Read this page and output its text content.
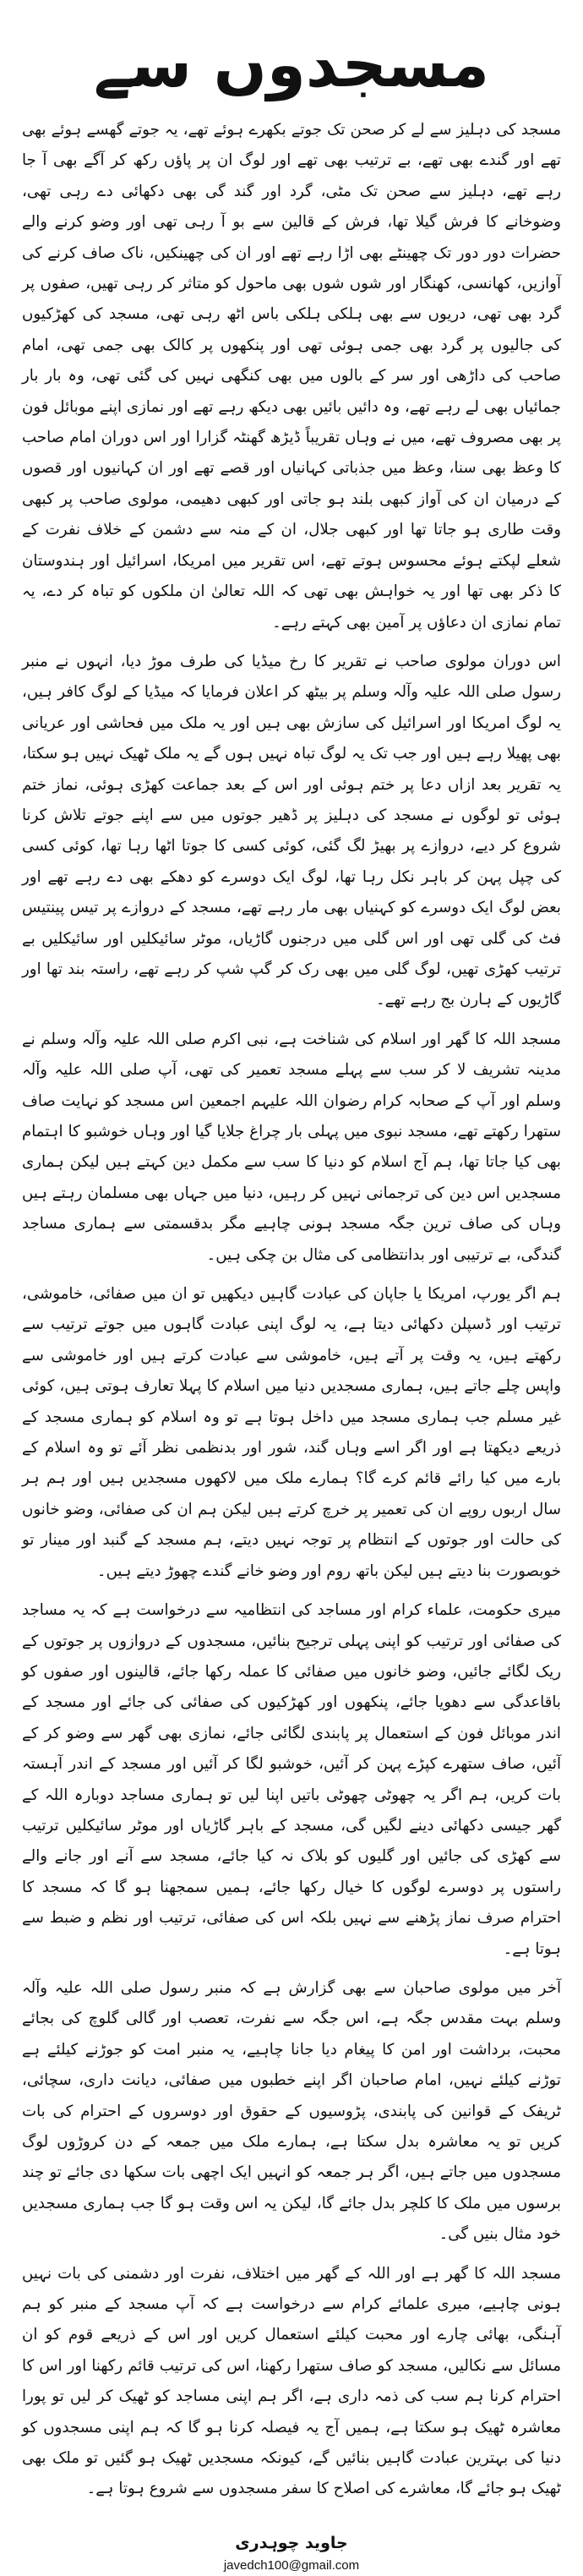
مسجدوں سے

مسجد کی دہلیز سے لے کر صحن تک جوتے بکھرے ہوئے تھے، یہ جوتے گھسے ہوئے بھی تھے اور گندے بھی تھے، بے ترتیب بھی تھے اور لوگ ان پر پاؤں رکھ کر آگے بھی آ جا رہے تھے، دہلیز سے صحن تک مٹی، گرد اور گند گی بھی دکھائی دے رہی تھی، وضوخانے کا فرش گیلا تھا، فرش کے قالین سے بو آ رہی تھی اور وضو کرنے والے حضرات دور دور تک چھینٹے بھی اڑا رہے تھے اور ان کی چھینکیں، ناک صاف کرنے کی آوازیں، کھانسی، کھنگار اور شوں شوں بھی ماحول کو متاثر کر رہی تھیں، صفوں پر گرد بھی تھی، دریوں سے بھی ہلکی ہلکی باس اٹھ رہی تھی، مسجد کی کھڑکیوں کی جالیوں پر گرد بھی جمی ہوئی تھی اور پنکھوں پر کالک بھی جمی تھی، امام صاحب کی داڑھی اور سر کے بالوں میں بھی کنگھی نہیں کی گئی تھی، وہ بار بار جمائیاں بھی لے رہے تھے، وہ دائیں بائیں بھی دیکھ رہے تھے اور نمازی اپنے موبائل فون پر بھی مصروف تھے، میں نے وہاں تقریباً ڈیڑھ گھنٹہ گزارا اور اس دوران امام صاحب کا وعظ بھی سنا، وعظ میں جذباتی کہانیاں اور قصے تھے اور ان کہانیوں اور قصوں کے درمیان ان کی آواز کبھی بلند ہو جاتی اور کبھی دھیمی، مولوی صاحب پر کبھی وقت طاری ہو جاتا تھا اور کبھی جلال، ان کے منہ سے دشمن کے خلاف نفرت کے شعلے لپکتے ہوئے محسوس ہوتے تھے، اس تقریر میں امریکا، اسرائیل اور ہندوستان کا ذکر بھی تھا اور یہ خواہش بھی تھی کہ اللہ تعالیٰ ان ملکوں کو تباہ کر دے، یہ تمام نمازی ان دعاؤں پر آمین بھی کہتے رہے۔

اس دوران مولوی صاحب نے تقریر کا رخ میڈیا کی طرف موڑ دیا، انہوں نے منبر رسول صلی اللہ علیہ وآلہ وسلم پر بیٹھ کر اعلان فرمایا کہ میڈیا کے لوگ کافر ہیں، یہ لوگ امریکا اور اسرائیل کی سازش بھی ہیں اور یہ ملک میں فحاشی اور عریانی بھی پھیلا رہے ہیں اور جب تک یہ لوگ تباہ نہیں ہوں گے یہ ملک ٹھیک نہیں ہو سکتا، یہ تقریر بعد ازاں دعا پر ختم ہوئی اور اس کے بعد جماعت کھڑی ہوئی، نماز ختم ہوئی تو لوگوں نے مسجد کی دہلیز پر ڈھیر جوتوں میں سے اپنے جوتے تلاش کرنا شروع کر دیے، دروازے پر بھیڑ لگ گئی، کوئی کسی کا جوتا اٹھا رہا تھا، کوئی کسی کی چپل پہن کر باہر نکل رہا تھا، لوگ ایک دوسرے کو دھکے بھی دے رہے تھے اور بعض لوگ ایک دوسرے کو کہنیاں بھی مار رہے تھے، مسجد کے دروازے پر تیس پینتیس فٹ کی گلی تھی اور اس گلی میں درجنوں گاڑیاں، موٹر سائیکلیں اور سائیکلیں بے ترتیب کھڑی تھیں، لوگ گلی میں بھی رک کر گپ شپ کر رہے تھے، راستہ بند تھا اور گاڑیوں کے ہارن بج رہے تھے۔

مسجد اللہ کا گھر اور اسلام کی شناخت ہے، نبی اکرم صلی اللہ علیہ وآلہ وسلم نے مدینہ تشریف لا کر سب سے پہلے مسجد تعمیر کی تھی، آپ صلی اللہ علیہ وآلہ وسلم اور آپ کے صحابہ کرام رضوان اللہ علیہم اجمعین اس مسجد کو نہایت صاف ستھرا رکھتے تھے، مسجد نبوی میں پہلی بار چراغ جلایا گیا اور وہاں خوشبو کا اہتمام بھی کیا جاتا تھا، ہم آج اسلام کو دنیا کا سب سے مکمل دین کہتے ہیں لیکن ہماری مسجدیں اس دین کی ترجمانی نہیں کر رہیں، دنیا میں جہاں بھی مسلمان رہتے ہیں وہاں کی صاف ترین جگہ مسجد ہونی چاہیے مگر بدقسمتی سے ہماری مساجد گندگی، بے ترتیبی اور بدانتظامی کی مثال بن چکی ہیں۔

ہم اگر یورپ، امریکا یا جاپان کی عبادت گاہیں دیکھیں تو ان میں صفائی، خاموشی، ترتیب اور ڈسپلن دکھائی دیتا ہے، یہ لوگ اپنی عبادت گاہوں میں جوتے ترتیب سے رکھتے ہیں، یہ وقت پر آتے ہیں، خاموشی سے عبادت کرتے ہیں اور خاموشی سے واپس چلے جاتے ہیں، ہماری مسجدیں دنیا میں اسلام کا پہلا تعارف ہوتی ہیں، کوئی غیر مسلم جب ہماری مسجد میں داخل ہوتا ہے تو وہ اسلام کو ہماری مسجد کے ذریعے دیکھتا ہے اور اگر اسے وہاں گند، شور اور بدنظمی نظر آئے تو وہ اسلام کے بارے میں کیا رائے قائم کرے گا؟ ہمارے ملک میں لاکھوں مسجدیں ہیں اور ہم ہر سال اربوں روپے ان کی تعمیر پر خرچ کرتے ہیں لیکن ہم ان کی صفائی، وضو خانوں کی حالت اور جوتوں کے انتظام پر توجہ نہیں دیتے، ہم مسجد کے گنبد اور مینار تو خوبصورت بنا دیتے ہیں لیکن باتھ روم اور وضو خانے گندے چھوڑ دیتے ہیں۔

میری حکومت، علماء کرام اور مساجد کی انتظامیہ سے درخواست ہے کہ یہ مساجد کی صفائی اور ترتیب کو اپنی پہلی ترجیح بنائیں، مسجدوں کے دروازوں پر جوتوں کے ریک لگائے جائیں، وضو خانوں میں صفائی کا عملہ رکھا جائے، قالینوں اور صفوں کو باقاعدگی سے دھویا جائے، پنکھوں اور کھڑکیوں کی صفائی کی جائے اور مسجد کے اندر موبائل فون کے استعمال پر پابندی لگائی جائے، نمازی بھی گھر سے وضو کر کے آئیں، صاف ستھرے کپڑے پہن کر آئیں، خوشبو لگا کر آئیں اور مسجد کے اندر آہستہ بات کریں، ہم اگر یہ چھوٹی چھوٹی باتیں اپنا لیں تو ہماری مساجد دوبارہ اللہ کے گھر جیسی دکھائی دینے لگیں گی، مسجد کے باہر گاڑیاں اور موٹر سائیکلیں ترتیب سے کھڑی کی جائیں اور گلیوں کو بلاک نہ کیا جائے، مسجد سے آنے اور جانے والے راستوں پر دوسرے لوگوں کا خیال رکھا جائے، ہمیں سمجھنا ہو گا کہ مسجد کا احترام صرف نماز پڑھنے سے نہیں بلکہ اس کی صفائی، ترتیب اور نظم و ضبط سے ہوتا ہے۔

آخر میں مولوی صاحبان سے بھی گزارش ہے کہ منبر رسول صلی اللہ علیہ وآلہ وسلم بہت مقدس جگہ ہے، اس جگہ سے نفرت، تعصب اور گالی گلوچ کی بجائے محبت، برداشت اور امن کا پیغام دیا جانا چاہیے، یہ منبر امت کو جوڑنے کیلئے ہے توڑنے کیلئے نہیں، امام صاحبان اگر اپنے خطبوں میں صفائی، دیانت داری، سچائی، ٹریفک کے قوانین کی پابندی، پڑوسیوں کے حقوق اور دوسروں کے احترام کی بات کریں تو یہ معاشرہ بدل سکتا ہے، ہمارے ملک میں جمعہ کے دن کروڑوں لوگ مسجدوں میں جاتے ہیں، اگر ہر جمعہ کو انہیں ایک اچھی بات سکھا دی جائے تو چند برسوں میں ملک کا کلچر بدل جائے گا، لیکن یہ اس وقت ہو گا جب ہماری مسجدیں خود مثال بنیں گی۔

مسجد اللہ کا گھر ہے اور اللہ کے گھر میں اختلاف، نفرت اور دشمنی کی بات نہیں ہونی چاہیے، میری علمائے کرام سے درخواست ہے کہ آپ مسجد کے منبر کو ہم آہنگی، بھائی چارے اور محبت کیلئے استعمال کریں اور اس کے ذریعے قوم کو ان مسائل سے نکالیں، مسجد کو صاف ستھرا رکھنا، اس کی ترتیب قائم رکھنا اور اس کا احترام کرنا ہم سب کی ذمہ داری ہے، اگر ہم اپنی مساجد کو ٹھیک کر لیں تو پورا معاشرہ ٹھیک ہو سکتا ہے، ہمیں آج یہ فیصلہ کرنا ہو گا کہ ہم اپنی مسجدوں کو دنیا کی بہترین عبادت گاہیں بنائیں گے، کیونکہ مسجدیں ٹھیک ہو گئیں تو ملک بھی ٹھیک ہو جائے گا، معاشرے کی اصلاح کا سفر مسجدوں سے شروع ہوتا ہے۔

جاوید چوہدری
javedch100@gmail.com
